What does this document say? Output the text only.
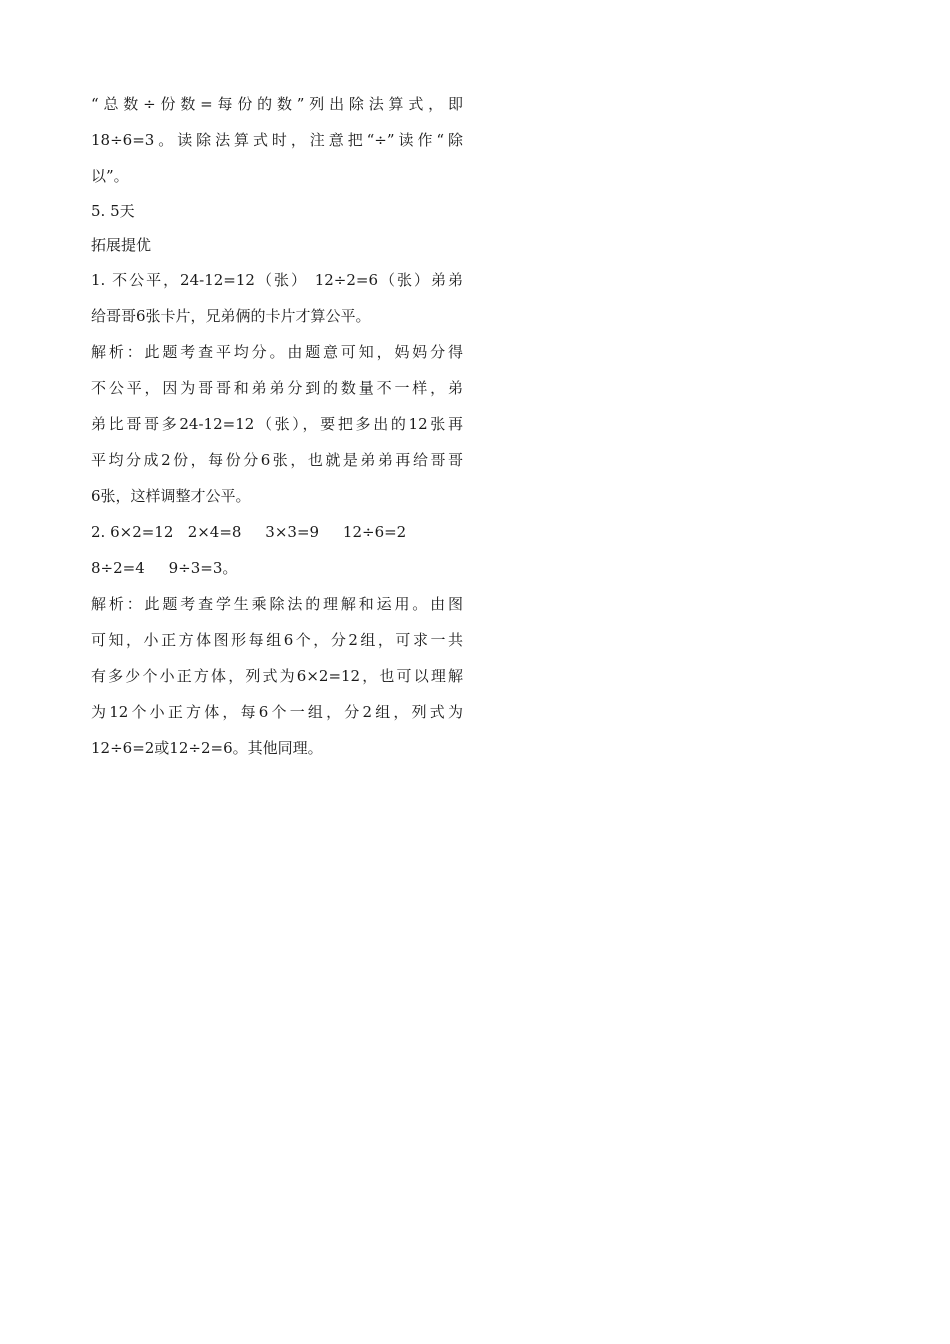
“总数÷份数=每份的数”列出除法算式，即

18÷6=3。读除法算式时，注意把“÷”读作“除

以”。

5. 5天

拓展提优

1. 不公平，24-12=12（张） 12÷2=6（张）弟弟

给哥哥6张卡片，兄弟俩的卡片才算公平。

解析：此题考查平均分。由题意可知，妈妈分得

不公平，因为哥哥和弟弟分到的数量不一样，弟

弟比哥哥多24-12=12（张），要把多出的12张再

平均分成2份，每份分6张，也就是弟弟再给哥哥

6张，这样调整才公平。

2. 6×2=12   2×4=8     3×3=9     12÷6=2

8÷2=4     9÷3=3。

解析：此题考查学生乘除法的理解和运用。由图

可知，小正方体图形每组6个，分2组，可求一共

有多少个小正方体，列式为6×2=12，也可以理解

为12个小正方体，每6个一组，分2组，列式为

12÷6=2或12÷2=6。其他同理。
